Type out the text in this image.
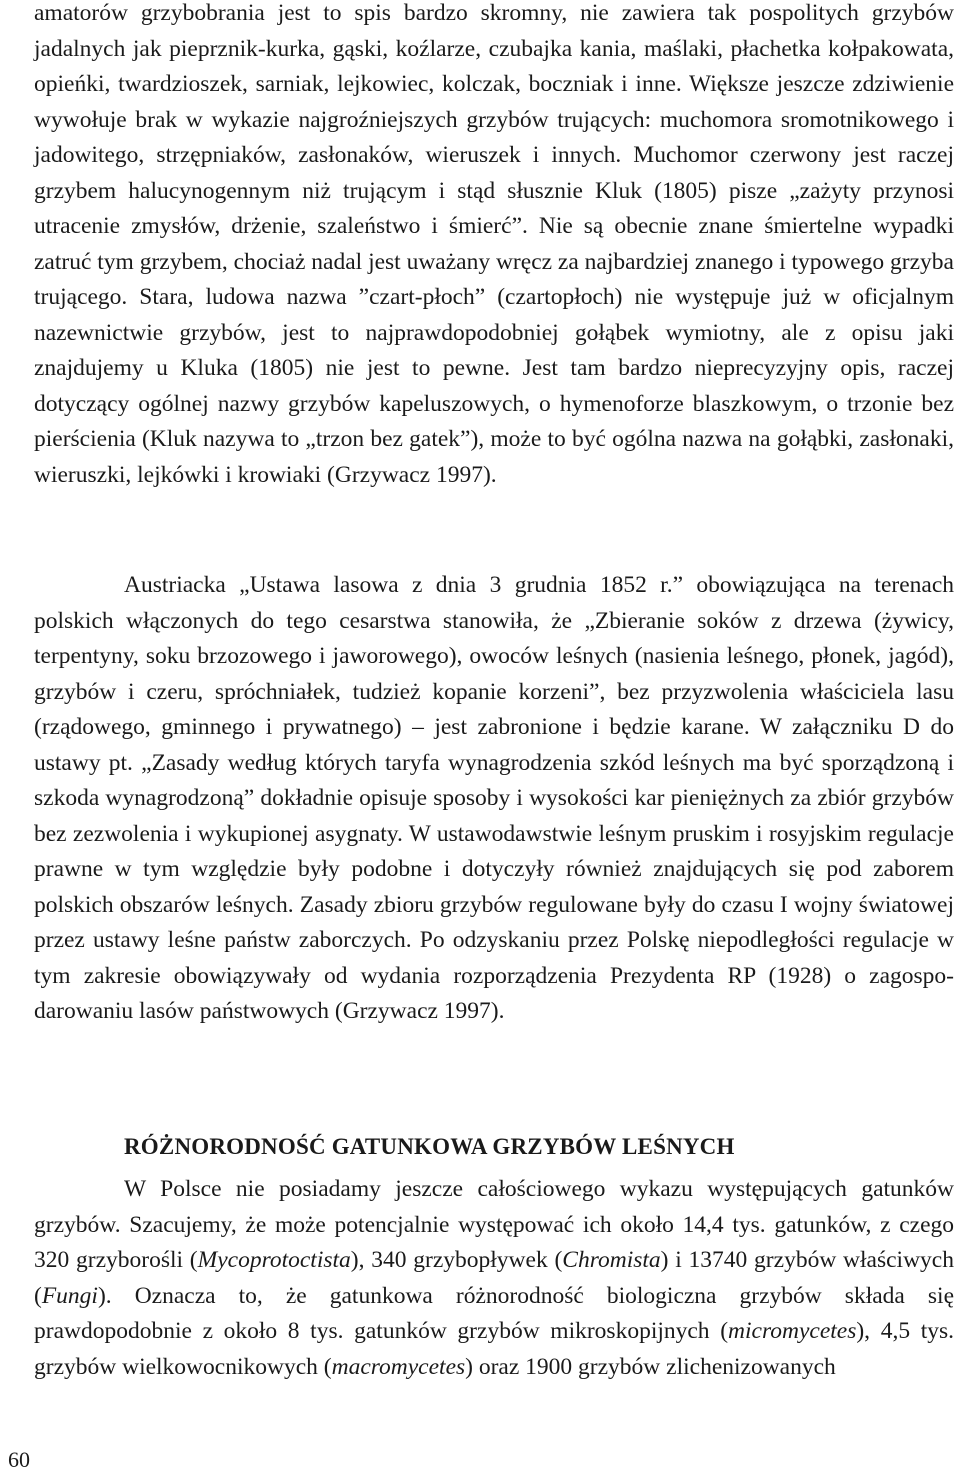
amatorów grzybobrania jest to spis bardzo skromny, nie zawiera tak pospolitych grzybów jadalnych jak pieprznik-kurka, gąski, koźlarze, czubajka kania, maślaki, płachetka kołpakowata, opieńki, twardzioszek, sarniak, lejkowiec, kolczak, boczniak i inne. Większe jeszcze zdziwienie wywołuje brak w wykazie najgroźniejszych grzybów trujących: muchomora sromotnikowego i jadowitego, strzępniaków, zasłonaków, wieruszek i innych. Muchomor czerwony jest raczej grzybem halucynogennym niż trującym i stąd słusznie Kluk (1805) pisze „zażyty przynosi utracenie zmysłów, drżenie, szaleństwo i śmierć”. Nie są obecnie znane śmiertelne wypadki zatruć tym grzybem, chociaż nadal jest uważany wręcz za najbardziej znanego i typowego grzyba trującego. Stara, ludowa nazwa ”czart-płoch” (czartopłoch) nie występuje już w oficjalnym nazewnictwie grzybów, jest to najprawdopodobniej gołąbek wymiotny, ale z opisu jaki znajdujemy u Kluka (1805) nie jest to pewne. Jest tam bardzo nieprecyzyjny opis, raczej dotyczący ogólnej nazwy grzybów kapeluszowych, o hymenoforze blaszkowym, o trzonie bez pierścienia (Kluk nazywa to „trzon bez gatek”), może to być ogólna nazwa na gołąbki, zasłonaki, wieruszki, lejkówki i krowiaki (Grzywacz 1997).

Austriacka „Ustawa lasowa z dnia 3 grudnia 1852 r.” obowiązująca na terenach polskich włączonych do tego cesarstwa stanowiła, że „Zbieranie soków z drzewa (żywicy, terpentyny, soku brzozowego i jaworowego), owoców leśnych (nasienia leśnego, płonek, jagód), grzybów i czeru, spróchniałek, tudzież kopanie korzeni”, bez przyzwolenia właściciela lasu (rządowego, gminnego i prywatnego) – jest zabronione i będzie karane. W załączniku D do ustawy pt. „Zasady według których taryfa wynagrodzenia szkód leśnych ma być sporządzoną i szkoda wynagrodzoną” dokładnie opisuje sposoby i wysokości kar pieniężnych za zbiór grzybów bez zezwolenia i wykupionej asygnaty. W ustawodawstwie leśnym pruskim i rosyjskim regulacje prawne w tym względzie były podobne i dotyczyły również znajdujących się pod zaborem polskich obszarów leśnych. Zasady zbioru grzybów regulowane były do czasu I wojny światowej przez ustawy leśne państw zaborczych. Po odzyskaniu przez Polskę niepodległości regulacje w tym zakresie obowiązywały od wydania rozporządzenia Prezydenta RP (1928) o zagospo-darowaniu lasów państwowych (Grzywacz 1997).

RÓŻNORODNOŚĆ GATUNKOWA GRZYBÓW LEŚNYCH

W Polsce nie posiadamy jeszcze całościowego wykazu występujących gatunków grzybów. Szacujemy, że może potencjalnie występować ich około 14,4 tys. gatunków, z czego 320 grzyborośli (Mycoprotoctista), 340 grzybopływek (Chromista) i 13740 grzybów właściwych (Fungi). Oznacza to, że gatunkowa różnorodność biologiczna grzybów składa się prawdopodobnie z około 8 tys. gatunków grzybów mikroskopijnych (micromycetes), 4,5 tys. grzybów wielkowocnikowych (macromycetes) oraz 1900 grzybów zlichenizowanych

60
